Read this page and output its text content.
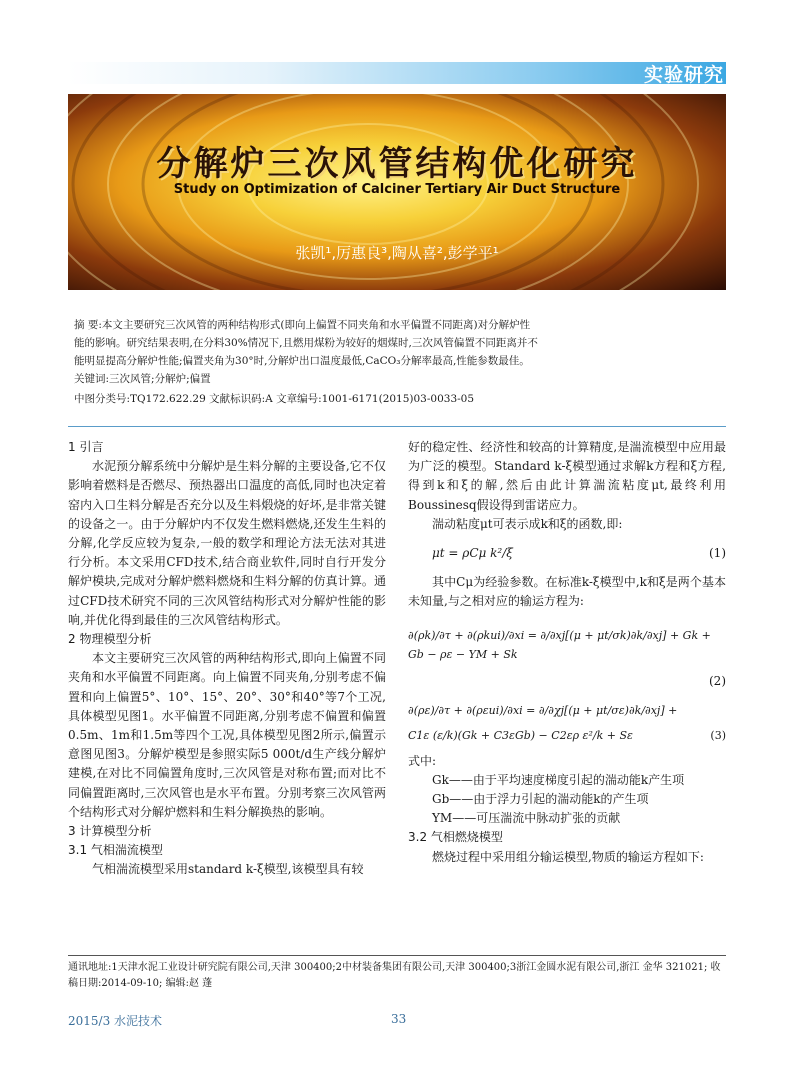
实验研究
分解炉三次风管结构优化研究
Study on Optimization of Calciner Tertiary Air Duct Structure
张凯¹,厉惠良³,陶从喜²,彭学平¹
摘 要:本文主要研究三次风管的两种结构形式(即向上偏置不同夹角和水平偏置不同距离)对分解炉性
能的影响。研究结果表明,在分料30%情况下,且燃用煤粉为较好的烟煤时,三次风管偏置不同距离并不
能明显提高分解炉性能;偏置夹角为30°时,分解炉出口温度最低,CaCO₃分解率最高,性能参数最佳。
关键词:三次风管;分解炉;偏置
中图分类号:TQ172.622.29 文献标识码:A 文章编号:1001-6171(2015)03-0033-05
1 引言

水泥预分解系统中分解炉是生料分解的主要设备,它不仅影响着燃料是否燃尽、预热器出口温度的高低,同时也决定着窑内入口生料分解是否充分以及生料煅烧的好坏,是非常关键的设备之一。由于分解炉内不仅发生燃料燃烧,还发生生料的分解,化学反应较为复杂,一般的数学和理论方法无法对其进行分析。本文采用CFD技术,结合商业软件,同时自行开发分解炉模块,完成对分解炉燃料燃烧和生料分解的仿真计算。通过CFD技术研究不同的三次风管结构形式对分解炉性能的影响,并优化得到最佳的三次风管结构形式。

2 物理模型分析

本文主要研究三次风管的两种结构形式,即向上偏置不同夹角和水平偏置不同距离。向上偏置不同夹角,分别考虑不偏置和向上偏置5°、10°、15°、20°、30°和40°等7个工况,具体模型见图1。水平偏置不同距离,分别考虑不偏置和偏置0.5m、1m和1.5m等四个工况,具体模型见图2所示,偏置示意图见图3。分解炉模型是参照实际5 000t/d生产线分解炉建模,在对比不同偏置角度时,三次风管是对称布置;而对比不同偏置距离时,三次风管也是水平布置。分别考察三次风管两个结构形式对分解炉燃料和生料分解换热的影响。

3 计算模型分析
3.1 气相湍流模型

气相湍流模型采用standard k-ξ模型,该模型具有较

好的稳定性、经济性和较高的计算精度,是湍流模型中应用最为广泛的模型。Standard k-ξ模型通过求解k方程和ξ方程,得到k和ξ的解,然后由此计算湍流粘度μt,最终利用Boussinesq假设得到雷诺应力。

湍动粘度μt可表示成k和ξ的函数,即:

μt = ρCμ k²/ξ	(1)

其中Cμ为经验参数。在标准k-ξ模型中,k和ξ是两个基本未知量,与之相对应的输运方程为:

∂(ρk)/∂τ + ∂(ρkui)/∂xi = ∂/∂xj[(μ + μt/σk)∂k/∂xj] + Gk + Gb − ρε − YM + Sk
(2)
∂(ρε)/∂τ + ∂(ρεui)/∂xi = ∂/∂χj[(μ + μt/σε)∂k/∂xj] +
C1ε (ε/k)(Gk + C3εGb) − C2ερ ε²/k + Sε	(3)
式中:
Gk——由于平均速度梯度引起的湍动能k产生项
Gb——由于浮力引起的湍动能k的产生项
YM——可压湍流中脉动扩张的贡献
3.2 气相燃烧模型

燃烧过程中采用组分输运模型,物质的输运方程如下:

通讯地址:1天津水泥工业设计研究院有限公司,天津 300400;2中材装备集团有限公司,天津 300400;3浙江金圆水泥有限公司,浙江 金华 321021; 收稿日期:2014-09-10; 编辑:赵 蓬
2015/3 水泥技术	33
